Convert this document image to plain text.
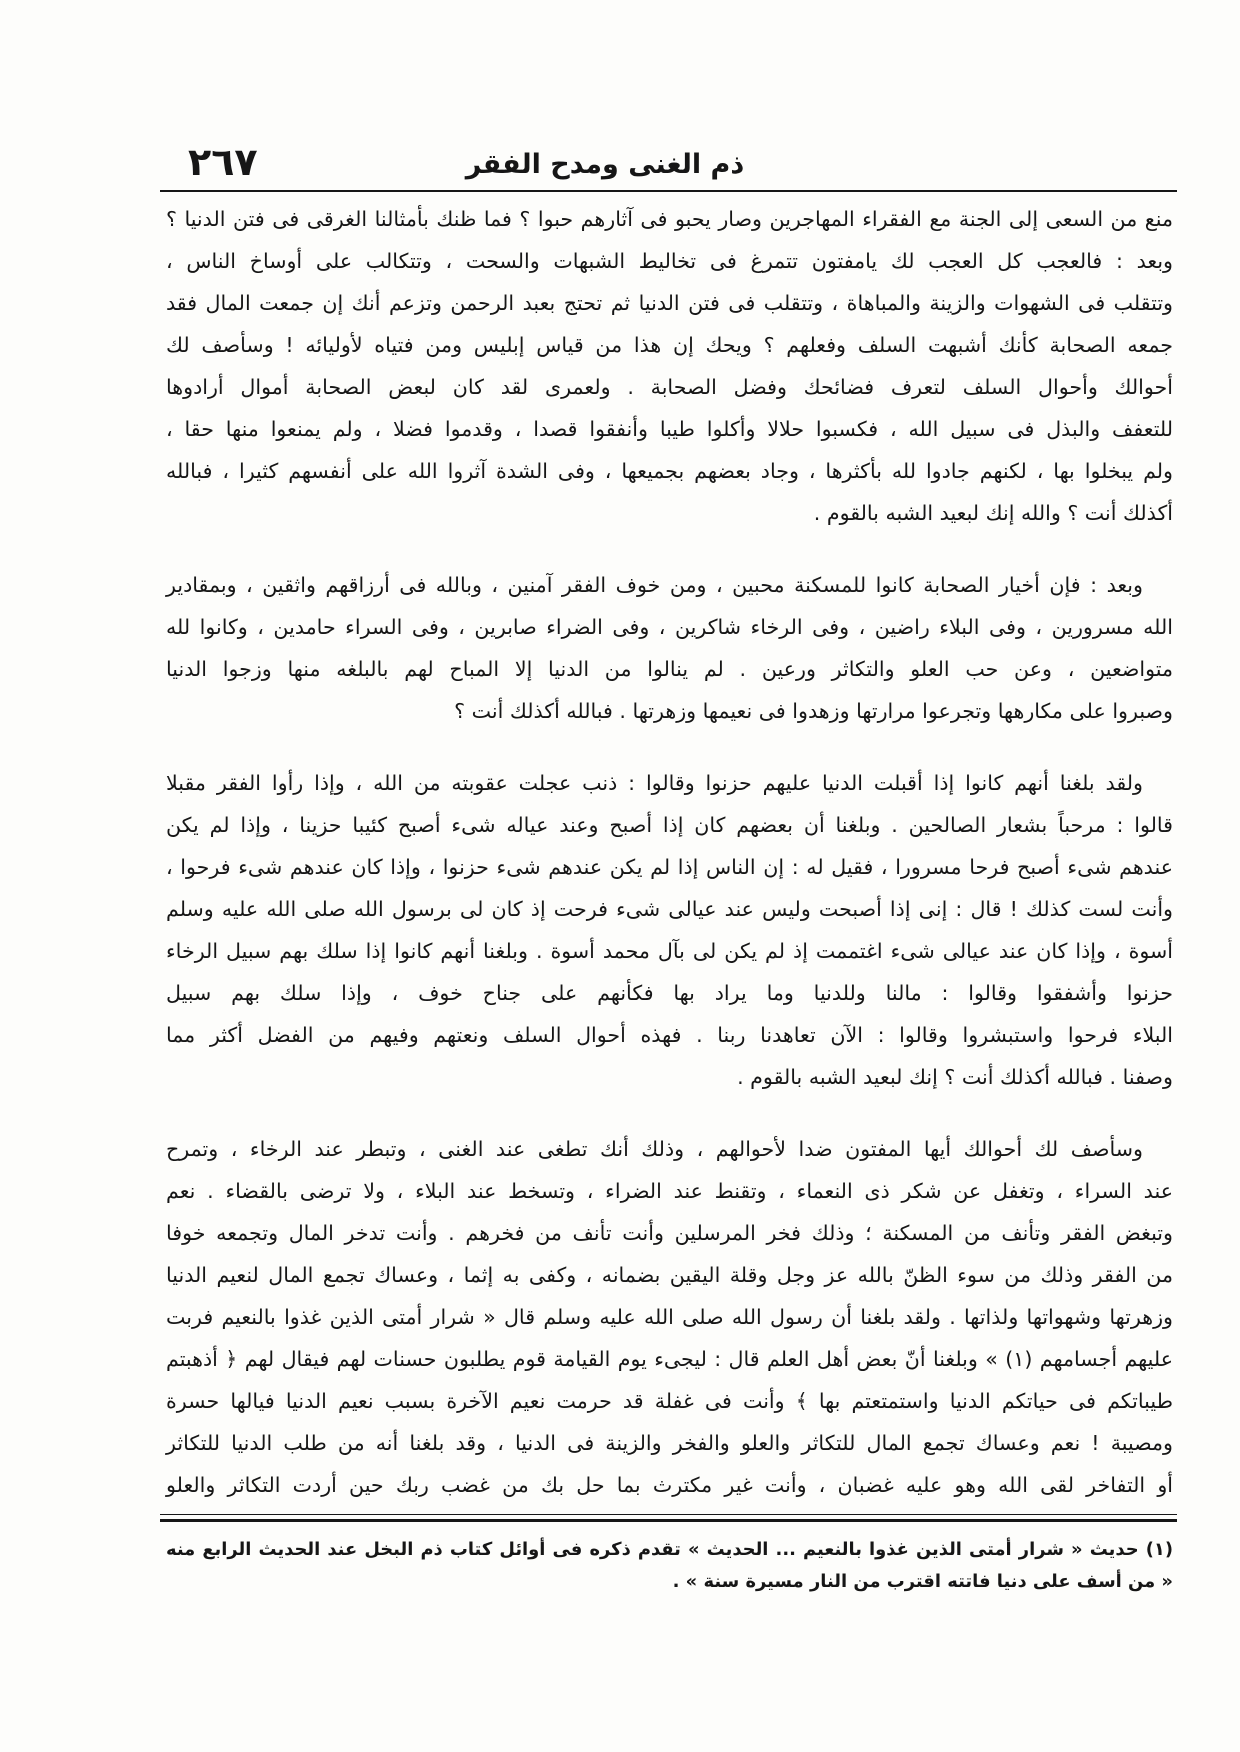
٢٦٧	ذم الغنى ومدح الفقر
منع من السعى إلى الجنة مع الفقراء المهاجرين وصار يحبو فى آثارهم حبوا ؟ فما ظنك بأمثالنا الغرقى فى فتن الدنيا ؟
وبعد : فالعجب كل العجب لك يامفتون تتمرغ فى تخاليط الشبهات والسحت ، وتتكالب على أوساخ الناس ،
وتتقلب فى الشهوات والزينة والمباهاة ، وتتقلب فى فتن الدنيا ثم تحتج بعبد الرحمن وتزعم أنك إن جمعت المال فقد
جمعه الصحابة كأنك أشبهت السلف وفعلهم ؟ ويحك إن هذا من قياس إبليس ومن فتياه لأوليائه ! وسأصف لك
أحوالك وأحوال السلف لتعرف فضائحك وفضل الصحابة . ولعمرى لقد كان لبعض الصحابة أموال أرادوها
للتعفف والبذل فى سبيل الله ، فكسبوا حلالا وأكلوا طيبا وأنفقوا قصدا ، وقدموا فضلا ، ولم يمنعوا منها حقا ،
ولم يبخلوا بها ، لكنهم جادوا لله بأكثرها ، وجاد بعضهم بجميعها ، وفى الشدة آثروا الله على أنفسهم كثيرا ، فبالله
أكذلك أنت ؟ والله إنك لبعيد الشبه بالقوم .
وبعد : فإن أخيار الصحابة كانوا للمسكنة محبين ، ومن خوف الفقر آمنين ، وبالله فى أرزاقهم واثقين ، وبمقادير
الله مسرورين ، وفى البلاء راضين ، وفى الرخاء شاكرين ، وفى الضراء صابرين ، وفى السراء حامدين ، وكانوا لله
متواضعين ، وعن حب العلو والتكاثر ورعين . لم ينالوا من الدنيا إلا المباح لهم بالبلغه منها وزجوا الدنيا
وصبروا على مكارهها وتجرعوا مرارتها وزهدوا فى نعيمها وزهرتها . فبالله أكذلك أنت ؟
ولقد بلغنا أنهم كانوا إذا أقبلت الدنيا عليهم حزنوا وقالوا : ذنب عجلت عقوبته من الله ، وإذا رأوا الفقر مقبلا
قالوا : مرحباً بشعار الصالحين . وبلغنا أن بعضهم كان إذا أصبح وعند عياله شىء أصبح كئيبا حزينا ، وإذا لم يكن
عندهم شىء أصبح فرحا مسرورا ، فقيل له : إن الناس إذا لم يكن عندهم شىء حزنوا ، وإذا كان عندهم شىء فرحوا ،
وأنت لست كذلك ! قال : إنى إذا أصبحت وليس عند عيالى شىء فرحت إذ كان لى برسول الله صلى الله عليه وسلم
أسوة ، وإذا كان عند عيالى شىء اغتممت إذ لم يكن لى بآل محمد أسوة . وبلغنا أنهم كانوا إذا سلك بهم سبيل الرخاء
حزنوا وأشفقوا وقالوا : مالنا وللدنيا وما يراد بها فكأنهم على جناح خوف ، وإذا سلك بهم سبيل
البلاء فرحوا واستبشروا وقالوا : الآن تعاهدنا ربنا . فهذه أحوال السلف ونعتهم وفيهم من الفضل أكثر مما
وصفنا . فبالله أكذلك أنت ؟ إنك لبعيد الشبه بالقوم .
وسأصف لك أحوالك أيها المفتون ضدا لأحوالهم ، وذلك أنك تطغى عند الغنى ، وتبطر عند الرخاء ، وتمرح
عند السراء ، وتغفل عن شكر ذى النعماء ، وتقنط عند الضراء ، وتسخط عند البلاء ، ولا ترضى بالقضاء . نعم
وتبغض الفقر وتأنف من المسكنة ؛ وذلك فخر المرسلين وأنت تأنف من فخرهم . وأنت تدخر المال وتجمعه خوفا
من الفقر وذلك من سوء الظنّ بالله عز وجل وقلة اليقين بضمانه ، وكفى به إثما ، وعساك تجمع المال لنعيم الدنيا
وزهرتها وشهواتها ولذاتها . ولقد بلغنا أن رسول الله صلى الله عليه وسلم قال « شرار أمتى الذين غذوا بالنعيم فربت
عليهم أجسامهم (١) » وبلغنا أنّ بعض أهل العلم قال : ليجىء يوم القيامة قوم يطلبون حسنات لهم فيقال لهم ﴿ أذهبتم
طيباتكم فى حياتكم الدنيا واستمتعتم بها ﴾ وأنت فى غفلة قد حرمت نعيم الآخرة بسبب نعيم الدنيا فيالها حسرة
ومصيبة ! نعم وعساك تجمع المال للتكاثر والعلو والفخر والزينة فى الدنيا ، وقد بلغنا أنه من طلب الدنيا للتكاثر
أو التفاخر لقى الله وهو عليه غضبان ، وأنت غير مكترث بما حل بك من غضب ربك حين أردت التكاثر والعلو
(١) حديث « شرار أمتى الذين غذوا بالنعيم ... الحديث » تقدم ذكره فى أوائل كتاب ذم البخل عند الحديث الرابع منه
« من أسف على دنيا فاتته اقترب من النار مسيرة سنة » .
